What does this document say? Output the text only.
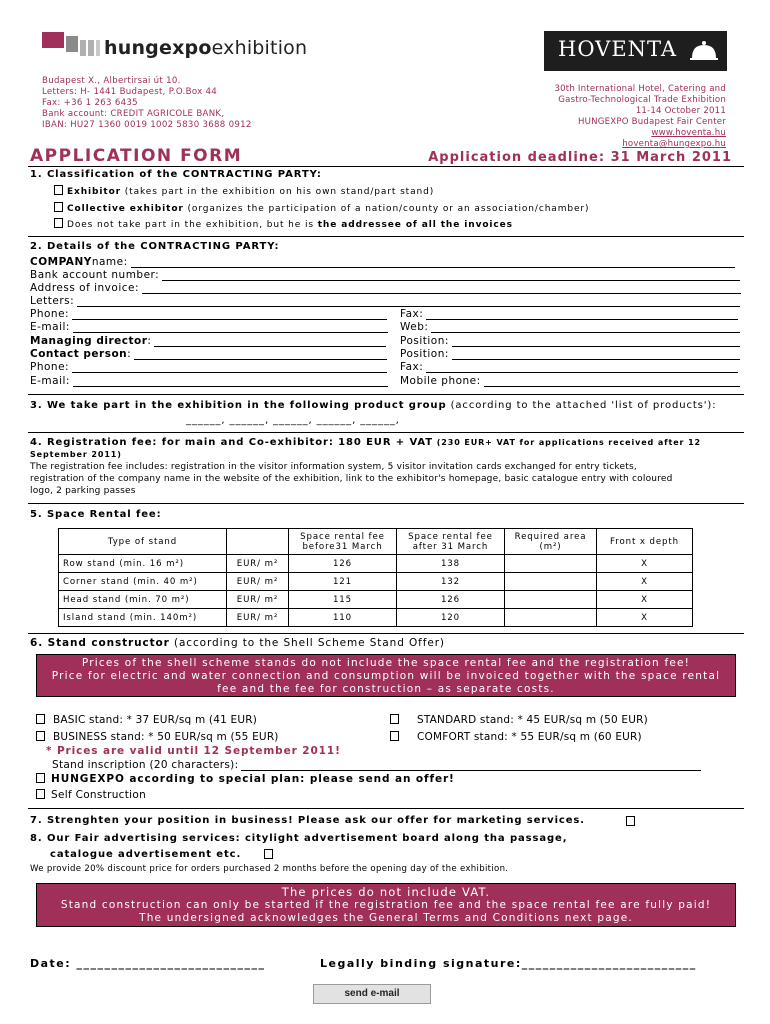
hungexpoexhibition	HOVENTA
Budapest X., Albertirsai út 10.
Letters: H- 1441 Budapest, P.O.Box 44
Fax: +36 1 263 6435
Bank account: CREDIT AGRICOLE BANK,
IBAN: HU27 1360 0019 1002 5830 3688 0912
30th International Hotel, Catering and
Gastro-Technological Trade Exhibition
11-14 October 2011
HUNGEXPO Budapest Fair Center
www.hoventa.hu
hoventa@hungexpo.hu
APPLICATION FORM	Application deadline: 31 March 2011
1. Classification of the CONTRACTING PARTY:
Exhibitor (takes part in the exhibition on his own stand/part stand)
Collective exhibitor (organizes the participation of a nation/county or an association/chamber)
Does not take part in the exhibition, but he is the addressee of all the invoices
2. Details of the CONTRACTING PARTY:
COMPANY name:
Bank account number:
Address of invoice:
Letters:
Phone:	Fax:
E-mail:	Web:
Managing director :	Position:
Contact person :	Position:
Phone:	Fax:
E-mail:	Mobile phone:
3. We take part in the exhibition in the following product group (according to the attached 'list of products'):
______, ______, ______, ______, ______,
4. Registration fee: for main and Co-exhibitor: 180 EUR + VAT (230 EUR+ VAT for applications received after 12
September 2011)
The registration fee includes: registration in the visitor information system, 5 visitor invitation cards exchanged for entry tickets,
registration of the company name in the website of the exhibition, link to the exhibitor's homepage, basic catalogue entry with coloured
logo, 2 parking passes
5. Space Rental fee:
Type of stand		Space rental fee before31 March	Space rental fee after 31 March	Required area (m²)	Front x depth
Row stand (min. 16 m²)	EUR/ m²	126	138		X
Corner stand (min. 40 m²)	EUR/ m²	121	132		X
Head stand (min. 70 m²)	EUR/ m²	115	126		X
Island stand (min. 140m²)	EUR/ m²	110	120		X
6. Stand constructor (according to the Shell Scheme Stand Offer)
Prices of the shell scheme stands do not include the space rental fee and the registration fee!
Price for electric and water connection and consumption will be invoiced together with the space rental
fee and the fee for construction – as separate costs.
BASIC stand: * 37 EUR/sq m (41 EUR)	STANDARD stand: * 45 EUR/sq m (50 EUR)
BUSINESS stand: * 50 EUR/sq m (55 EUR)	COMFORT stand: * 55 EUR/sq m (60 EUR)
* Prices are valid until 12 September 2011!
Stand inscription (20 characters):
HUNGEXPO according to special plan: please send an offer!
Self Construction
7. Strenghten your position in business! Please ask our offer for marketing services.
8. Our Fair advertising services: citylight advertisement board along tha passage,
catalogue advertisement etc.
We provide 20% discount price for orders purchased 2 months before the opening day of the exhibition.
The prices do not include VAT.
Stand construction can only be started if the registration fee and the space rental fee are fully paid!
The undersigned acknowledges the General Terms and Conditions next page.
Date: ___________________________	Legally binding signature:_________________________
send e-mail
